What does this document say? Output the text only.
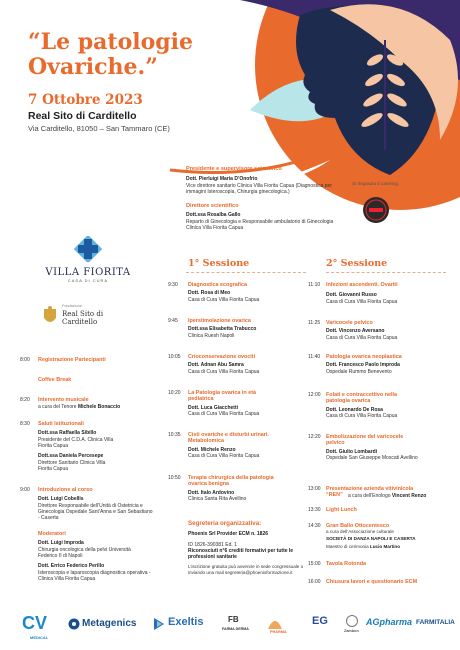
“Le patologie Ovariche.”
7 Ottobre 2023
Real Sito di Carditello
Via Carditello, 81050 – San Tammaro (CE)
Presidente e supervisore scientifico
Dott. Pierluigi Maria D’Onofrio
Vice direttore sanitario Clinica Villa Fiorita Capua (Diagnostica per immagini Isteroscopia, Chirurgia ginecologica.)
Direttore scientifico
Dott.ssa Rosalba Gallo
Reparto di Ginecologia e Responsabile ambulatorio di Ginecologia Clinica Villa Fiorita Capua
Si ringrazia il catering
“Il Bacio eventi”
VILLA FIORITA
CASA DI CURA
Fondazione
Real Sito di Carditello
8:00 Registrazione Partecipanti
Coffee Break
8:20 Intervento musicale
a cura del Tenore Michele Bonaccio
8:30 Saluti Istituzionali
Dott.ssa Raffaella Sibillo
Presidente del C.D.A. Clinica Villa Fiorita Capua
Dott.ssa Daniela Percesepe
Direttore Sanitario Clinica Villa Fiorita Capua
9:00 Introduzione al corso
Dott. Luigi Cobellis
Direttore Responsabile dell’Unità di Ostetricia e Ginecologia Ospedale Sant’Anna e San Sebastiano - Caserta
Moderatori
Dott. Luigi Improda
Chirurgia oncologica della pelvi Università Federico II di Napoli
Dott. Errico Federico Perillo
Isteroscopia e laparoscopia diagnostica operativa - Clinica Villa Fiorita Capua
1° Sessione
9:30 Diagnostica ecografica
Dott. Rosa di Meo
Casa di Cura Villa Fiorita Capua
9:45 Iperstimolazione ovarica
Dott.ssa Elisabetta Trabucco
Clinica Ruesh Napoli
10:05 Crioconservazione ovociti
Dott. Adnan Abu Samra
Casa di Cura Villa Fiorita Capua
10:20 La Patologia ovarica in età pediatrica
Dott. Luca Giacchetti
Casa di Cura Villa Fiorita Capua
10:35 Cisti ovariche e disturbi urinari. Metabolomica
Dott. Michele Renzo
Casa di Cura Villa Fiorita Capua
10:50 Terapia chirurgica della patologia ovarica benigna
Dott. Italo Ardovino
Clinica Santa Rita Avellino
Segreteria organizzativa:
Phoenix Srl Provider ECM n. 1826
ID 1826-390381 Ed. 1
Riconosciuti n°6 crediti formativi per tutte le professioni sanitarie
L’iscrizione gratuita può avvenire in sede congressuale o inviando una mail segreteria@phoenixformazione.it
2° Sessione
11:10 Infezioni ascendenti. Ovariti
Dott. Giovanni Russo
Casa di Cura Villa Fiorita Capua
11:25 Varicocele pelvico
Dott. Vincenzo Aversano
Casa di Cura Villa Fiorita Capua
11:40 Patologia ovarica neoplastica
Dott. Francesco Paolo Improda
Ospedale Rummo Benevento
12:00 Folati e contraccettivo nella patologia ovarica
Dott. Leonardo De Rosa
Casa di Cura Villa Fiorita Capua
12:20 Embolizzazione del varicocele pelvico
Dott. Giulio Lombardi
Ospedale San Giuseppe Moscati Avellino
13:00 Presentazione azienda vitivinicola “REN”	a cura dell’Enologo Vincent Renzo
13:30 Light Lunch
14:30 Gran Ballo Ottocentesco
a cura dell’Associazione culturale
SOCIETÀ DI DANZA NAPOLI E CASERTA
Maestro di cerimonia Lucio Martino
15:00 Tavola Rotonda
16:00 Chiusura lavori e questionario ECM
CV
MEDICAL
Metagenics	Exeltis	FB
FARMA DERMA
PHARMA
EG
Zambon
AGpharma FARMITALIA
